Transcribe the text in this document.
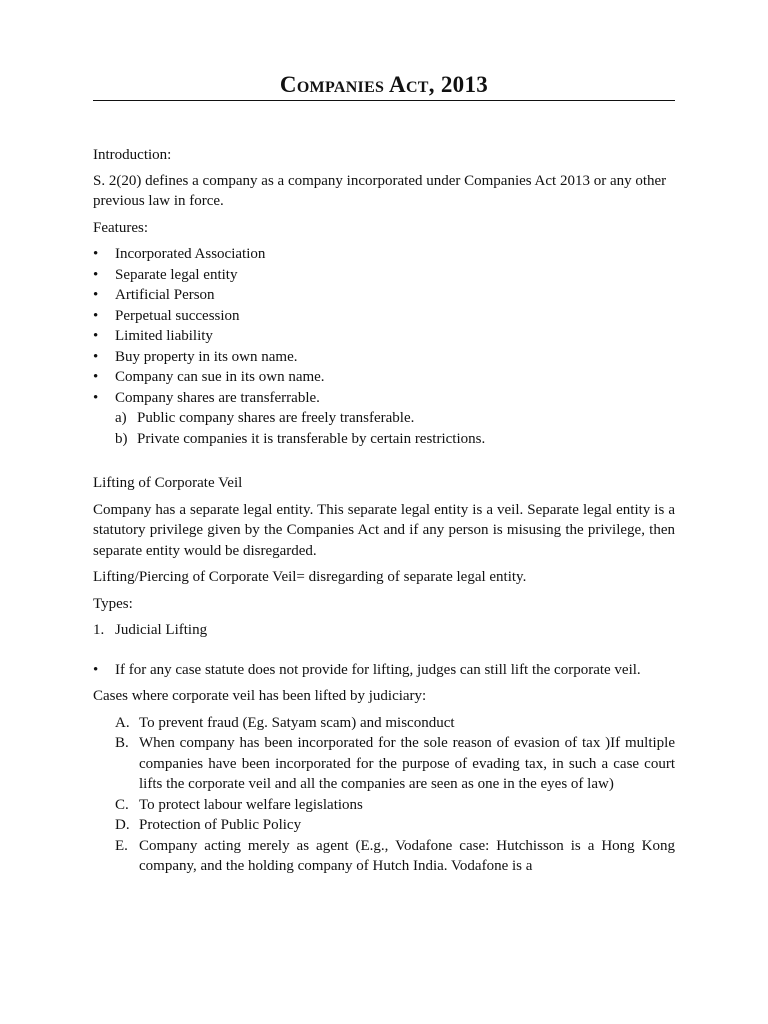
Companies Act, 2013

Introduction:

S. 2(20) defines a company as a company incorporated under Companies Act 2013 or any other previous law in force.

Features:

• Incorporated Association
• Separate legal entity
• Artificial Person
• Perpetual succession
• Limited liability
• Buy property in its own name.
• Company can sue in its own name.
• Company shares are transferrable.
a) Public company shares are freely transferable.
b) Private companies it is transferable by certain restrictions.

Lifting of Corporate Veil

Company has a separate legal entity. This separate legal entity is a veil. Separate legal entity is a statutory privilege given by the Companies Act and if any person is misusing the privilege, then separate entity would be disregarded.

Lifting/Piercing of Corporate Veil= disregarding of separate legal entity.

Types:

1. Judicial Lifting
• If for any case statute does not provide for lifting, judges can still lift the corporate veil.

Cases where corporate veil has been lifted by judiciary:

A. To prevent fraud (Eg. Satyam scam) and misconduct
B. When company has been incorporated for the sole reason of evasion of tax )If multiple companies have been incorporated for the purpose of evading tax, in such a case court lifts the corporate veil and all the companies are seen as one in the eyes of law)
C. To protect labour welfare legislations
D. Protection of Public Policy
E. Company acting merely as agent (E.g., Vodafone case: Hutchisson is a Hong Kong company, and the holding company of Hutch India. Vodafone is a
